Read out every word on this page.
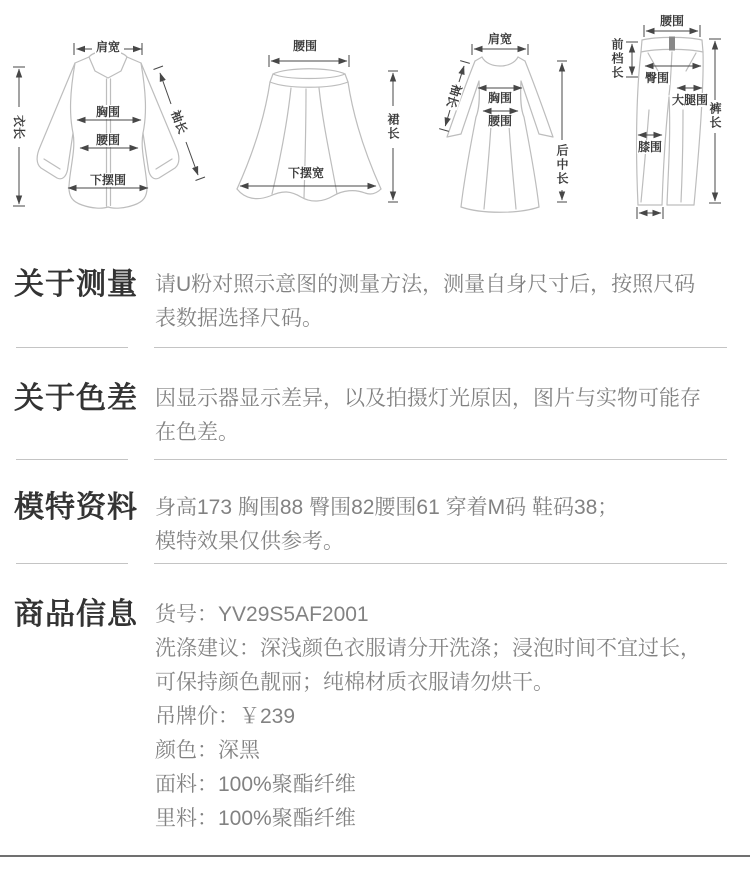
肩宽
衣长	袖长
胸围
腰围
下摆围
腰围
裙长
下摆宽
肩宽
袖长 胸围
腰围
后中长
腰围
前档长 臀围
大腿围
裤长
膝围
关于测量 请U粉对照示意图的测量方法，测量自身尺寸后，按照尺码
表数据选择尺码。
关于色差 因显示器显示差异，以及拍摄灯光原因，图片与实物可能存
在色差。
模特资料 身高173 胸围88 臀围82腰围61 穿着M码 鞋码38；
模特效果仅供参考。
商品信息 货号：YV29S5AF2001
洗涤建议：深浅颜色衣服请分开洗涤；浸泡时间不宜过长，
可保持颜色靓丽；纯棉材质衣服请勿烘干。
吊牌价：￥239
颜色：深黑
面料：100%聚酯纤维
里料：100%聚酯纤维
